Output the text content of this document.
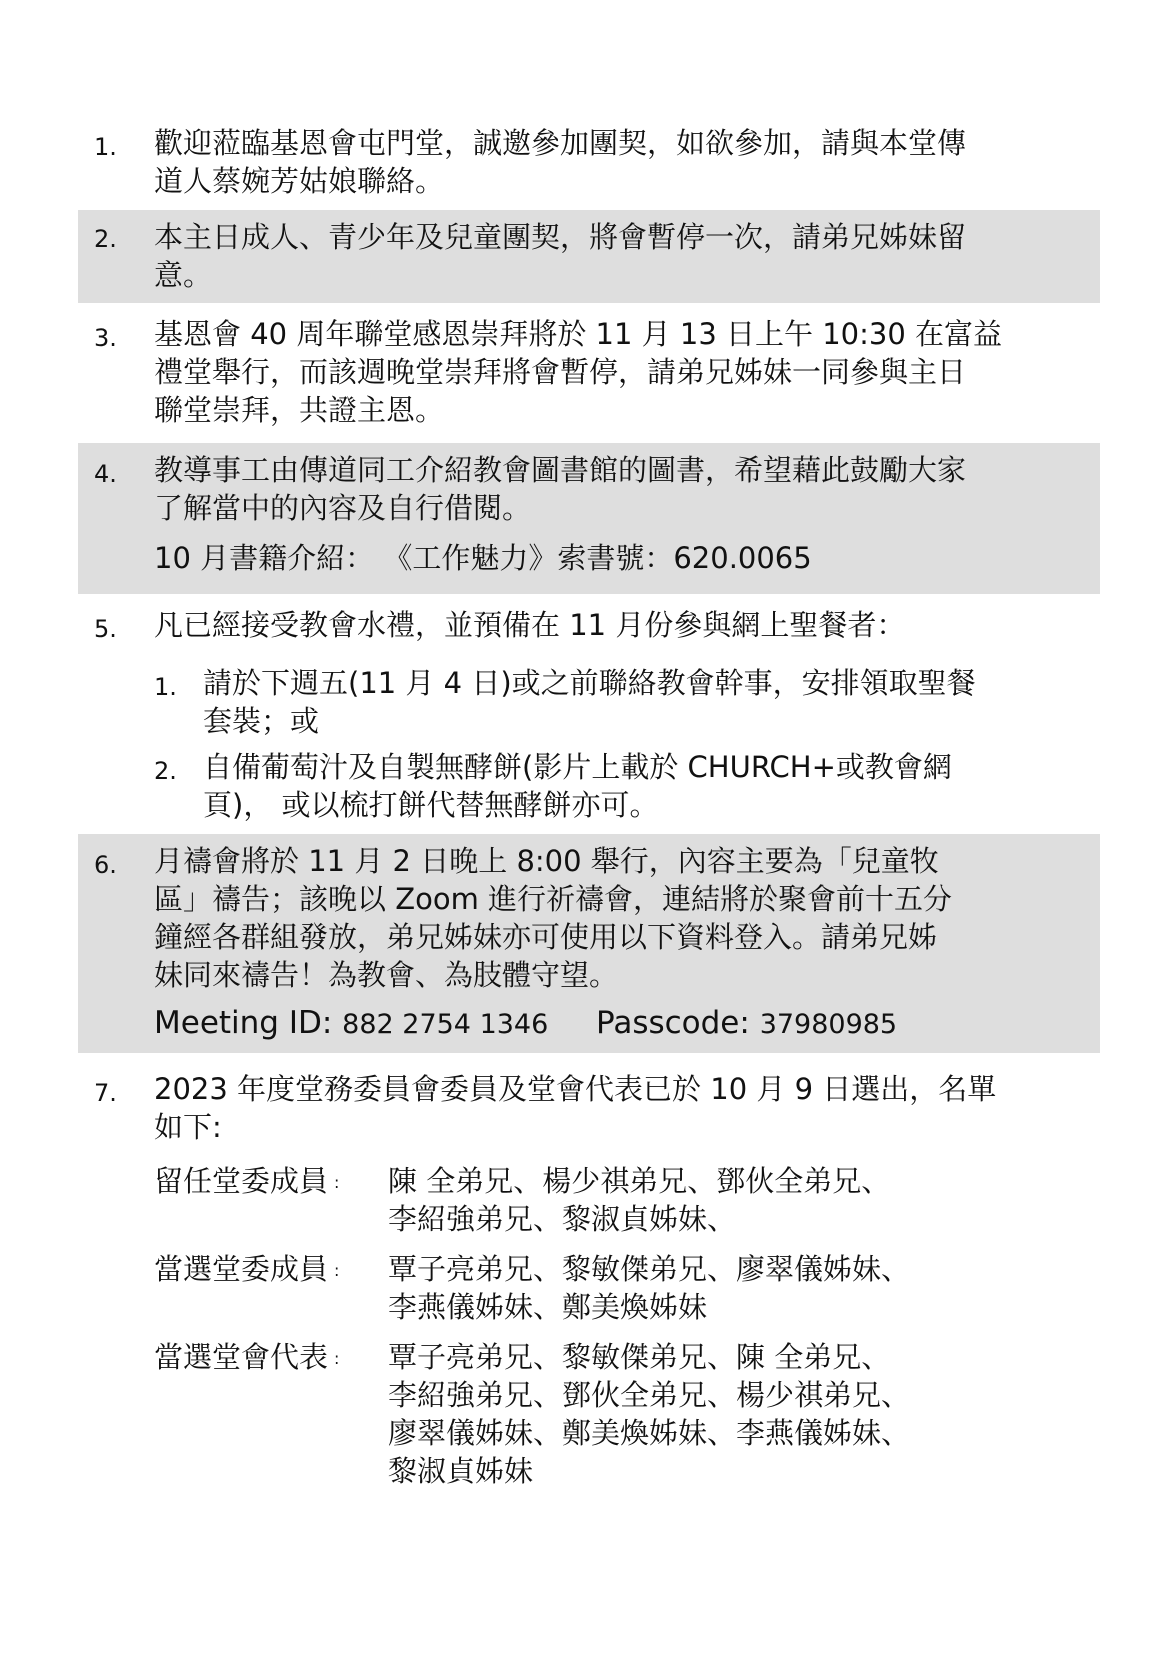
1. 歡迎蒞臨基恩會屯門堂，誠邀參加團契，如欲參加，請與本堂傳
道人蔡婉芳姑娘聯絡。
2. 本主日成人、青少年及兒童團契，將會暫停一次，請弟兄姊妹留
意。
3. 基恩會 40 周年聯堂感恩崇拜將於 11 月 13 日上午 10:30 在富益
禮堂舉行，而該週晚堂崇拜將會暫停，請弟兄姊妹一同參與主日
聯堂崇拜，共證主恩。
4. 教導事工由傳道同工介紹教會圖書館的圖書，希望藉此鼓勵大家
了解當中的內容及自行借閱。
10 月書籍介紹： 《工作魅力》索書號：620.0065
5. 凡已經接受教會水禮，並預備在 11 月份參與網上聖餐者：
1. 請於下週五(11 月 4 日)或之前聯絡教會幹事，安排領取聖餐
套裝；或
2. 自備葡萄汁及自製無酵餅(影片上載於 CHURCH+或教會網
頁)， 或以梳打餅代替無酵餅亦可。
6. 月禱會將於 11 月 2 日晚上 8:00 舉行，內容主要為「兒童牧
區」禱告；該晚以 Zoom 進行祈禱會，連結將於聚會前十五分
鐘經各群組發放，弟兄姊妹亦可使用以下資料登入。請弟兄姊
妹同來禱告！為教會、為肢體守望。
Meeting ID: 882 2754 1346 Passcode: 37980985
7. 2023 年度堂務委員會委員及堂會代表已於 10 月 9 日選出，名單
如下:
留任堂委成員 :	陳 全弟兄、楊少祺弟兄、鄧伙全弟兄、
李紹強弟兄、黎淑貞姊妹、
當選堂委成員 :	覃子亮弟兄、黎敏傑弟兄、廖翠儀姊妹、
李燕儀姊妹、鄭美煥姊妹
當選堂會代表 :	覃子亮弟兄、黎敏傑弟兄、陳 全弟兄、
李紹強弟兄、鄧伙全弟兄、楊少祺弟兄、
廖翠儀姊妹、鄭美煥姊妹、李燕儀姊妹、
黎淑貞姊妹
